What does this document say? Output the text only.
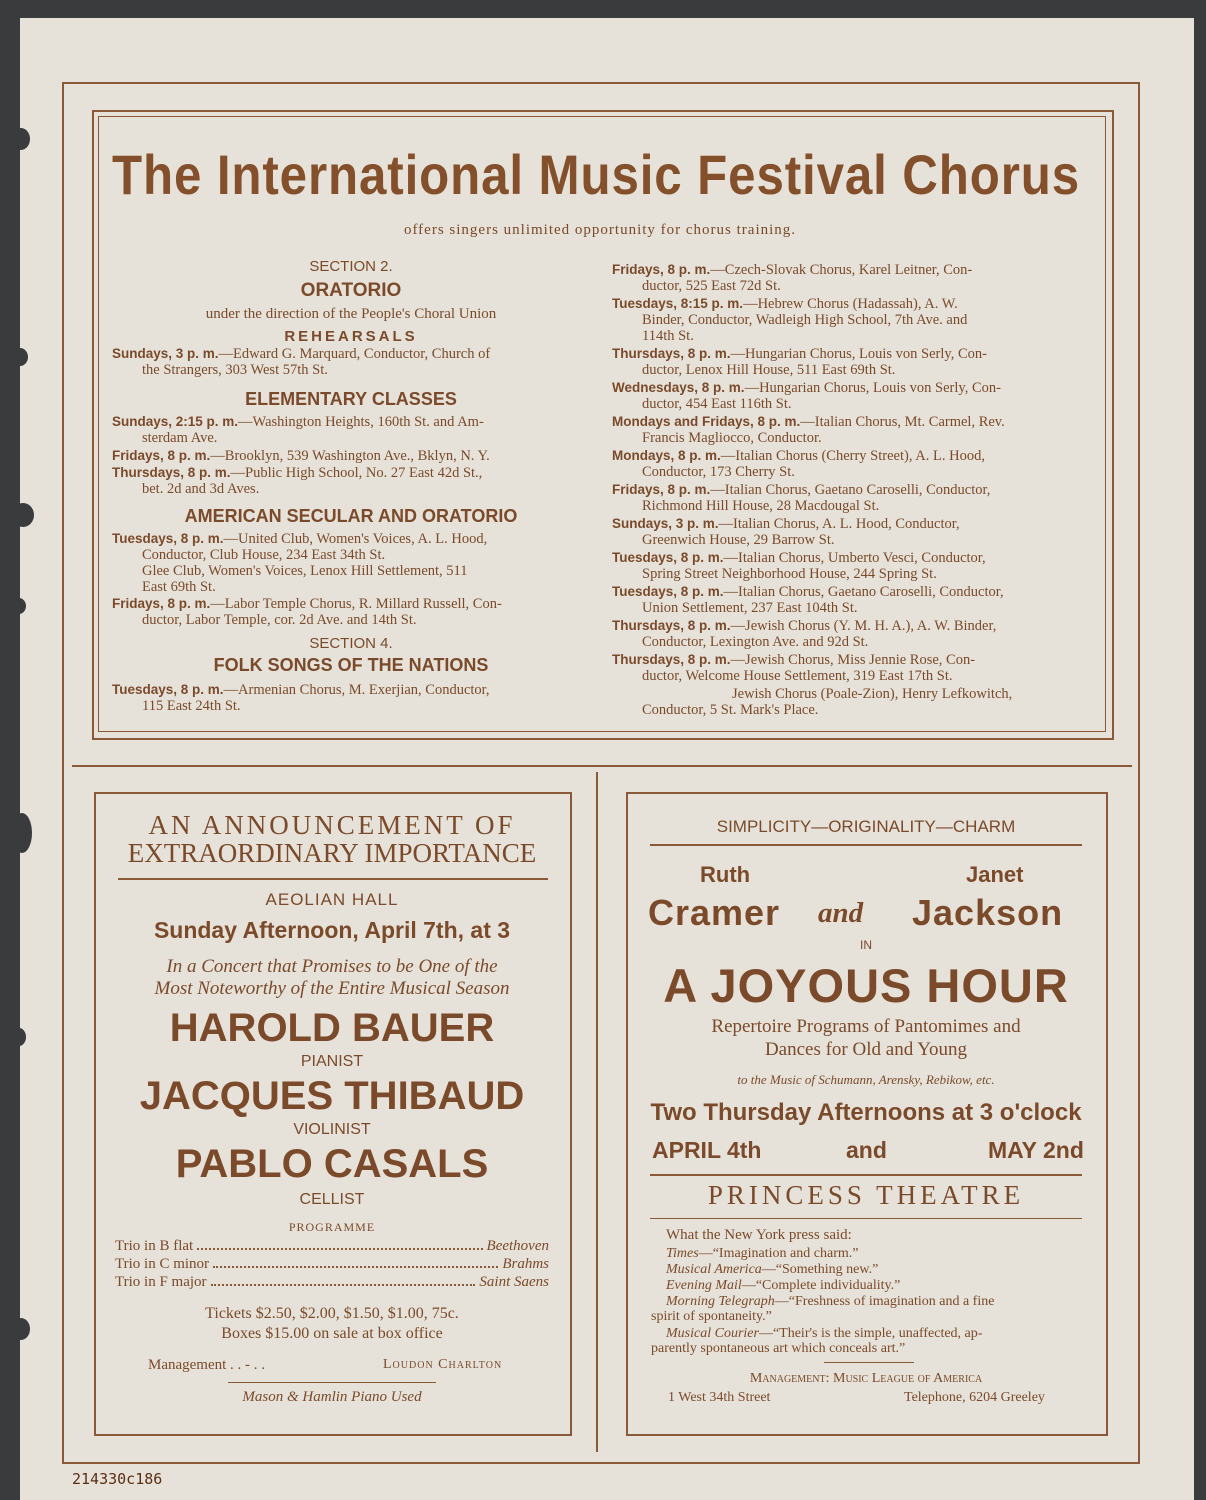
The International Music Festival Chorus
offers singers unlimited opportunity for chorus training.
SECTION 2.
ORATORIO
under the direction of the People's Choral Union
REHEARSALS
Sundays, 3 p. m.—Edward G. Marquard, Conductor, Church of
the Strangers, 303 West 57th St.
ELEMENTARY CLASSES
Sundays, 2:15 p. m.—Washington Heights, 160th St. and Am-
sterdam Ave.
Fridays, 8 p. m.—Brooklyn, 539 Washington Ave., Bklyn, N. Y.
Thursdays, 8 p. m.—Public High School, No. 27 East 42d St.,
bet. 2d and 3d Aves.
AMERICAN SECULAR AND ORATORIO
Tuesdays, 8 p. m.—United Club, Women's Voices, A. L. Hood,
Conductor, Club House, 234 East 34th St.
Glee Club, Women's Voices, Lenox Hill Settlement, 511
East 69th St.
Fridays, 8 p. m.—Labor Temple Chorus, R. Millard Russell, Con-
ductor, Labor Temple, cor. 2d Ave. and 14th St.
SECTION 4.
FOLK SONGS OF THE NATIONS
Tuesdays, 8 p. m.—Armenian Chorus, M. Exerjian, Conductor,
115 East 24th St.
Fridays, 8 p. m.—Czech-Slovak Chorus, Karel Leitner, Con-
ductor, 525 East 72d St.
Tuesdays, 8:15 p. m.—Hebrew Chorus (Hadassah), A. W.
Binder, Conductor, Wadleigh High School, 7th Ave. and
114th St.
Thursdays, 8 p. m.—Hungarian Chorus, Louis von Serly, Con-
ductor, Lenox Hill House, 511 East 69th St.
Wednesdays, 8 p. m.—Hungarian Chorus, Louis von Serly, Con-
ductor, 454 East 116th St.
Mondays and Fridays, 8 p. m.—Italian Chorus, Mt. Carmel, Rev.
Francis Magliocco, Conductor.
Mondays, 8 p. m.—Italian Chorus (Cherry Street), A. L. Hood,
Conductor, 173 Cherry St.
Fridays, 8 p. m.—Italian Chorus, Gaetano Caroselli, Conductor,
Richmond Hill House, 28 Macdougal St.
Sundays, 3 p. m.—Italian Chorus, A. L. Hood, Conductor,
Greenwich House, 29 Barrow St.
Tuesdays, 8 p. m.—Italian Chorus, Umberto Vesci, Conductor,
Spring Street Neighborhood House, 244 Spring St.
Tuesdays, 8 p. m.—Italian Chorus, Gaetano Caroselli, Conductor,
Union Settlement, 237 East 104th St.
Thursdays, 8 p. m.—Jewish Chorus (Y. M. H. A.), A. W. Binder,
Conductor, Lexington Ave. and 92d St.
Thursdays, 8 p. m.—Jewish Chorus, Miss Jennie Rose, Con-
ductor, Welcome House Settlement, 319 East 17th St.
Jewish Chorus (Poale-Zion), Henry Lefkowitch,
Conductor, 5 St. Mark's Place.
AN ANNOUNCEMENT OF
EXTRAORDINARY IMPORTANCE
AEOLIAN HALL
Sunday Afternoon, April 7th, at 3
In a Concert that Promises to be One of the
Most Noteworthy of the Entire Musical Season
HAROLD BAUER
PIANIST
JACQUES THIBAUD
VIOLINIST
PABLO CASALS
CELLIST
PROGRAMME
Trio in B flat	Beethoven
Trio in C minor	Brahms
Trio in F major	Saint Saens
Tickets $2.50, $2.00, $1.50, $1.00, 75c.
Boxes $15.00 on sale at box office
Management . . - . .	Loudon Charlton
Mason & Hamlin Piano Used
SIMPLICITY—ORIGINALITY—CHARM
Ruth	Janet
Cramer and Jackson
IN
A JOYOUS HOUR
Repertoire Programs of Pantomimes and
Dances for Old and Young
to the Music of Schumann, Arensky, Rebikow, etc.
Two Thursday Afternoons at 3 o'clock
APRIL 4th	and	MAY 2nd
PRINCESS THEATRE
What the New York press said:
Times—“Imagination and charm.”
Musical America—“Something new.”
Evening Mail—“Complete individuality.”
Morning Telegraph—“Freshness of imagination and a fine
spirit of spontaneity.”
Musical Courier—“Their's is the simple, unaffected, ap-
parently spontaneous art which conceals art.”
Management: Music League of America
1 West 34th Street	Telephone, 6204 Greeley
214330c186
